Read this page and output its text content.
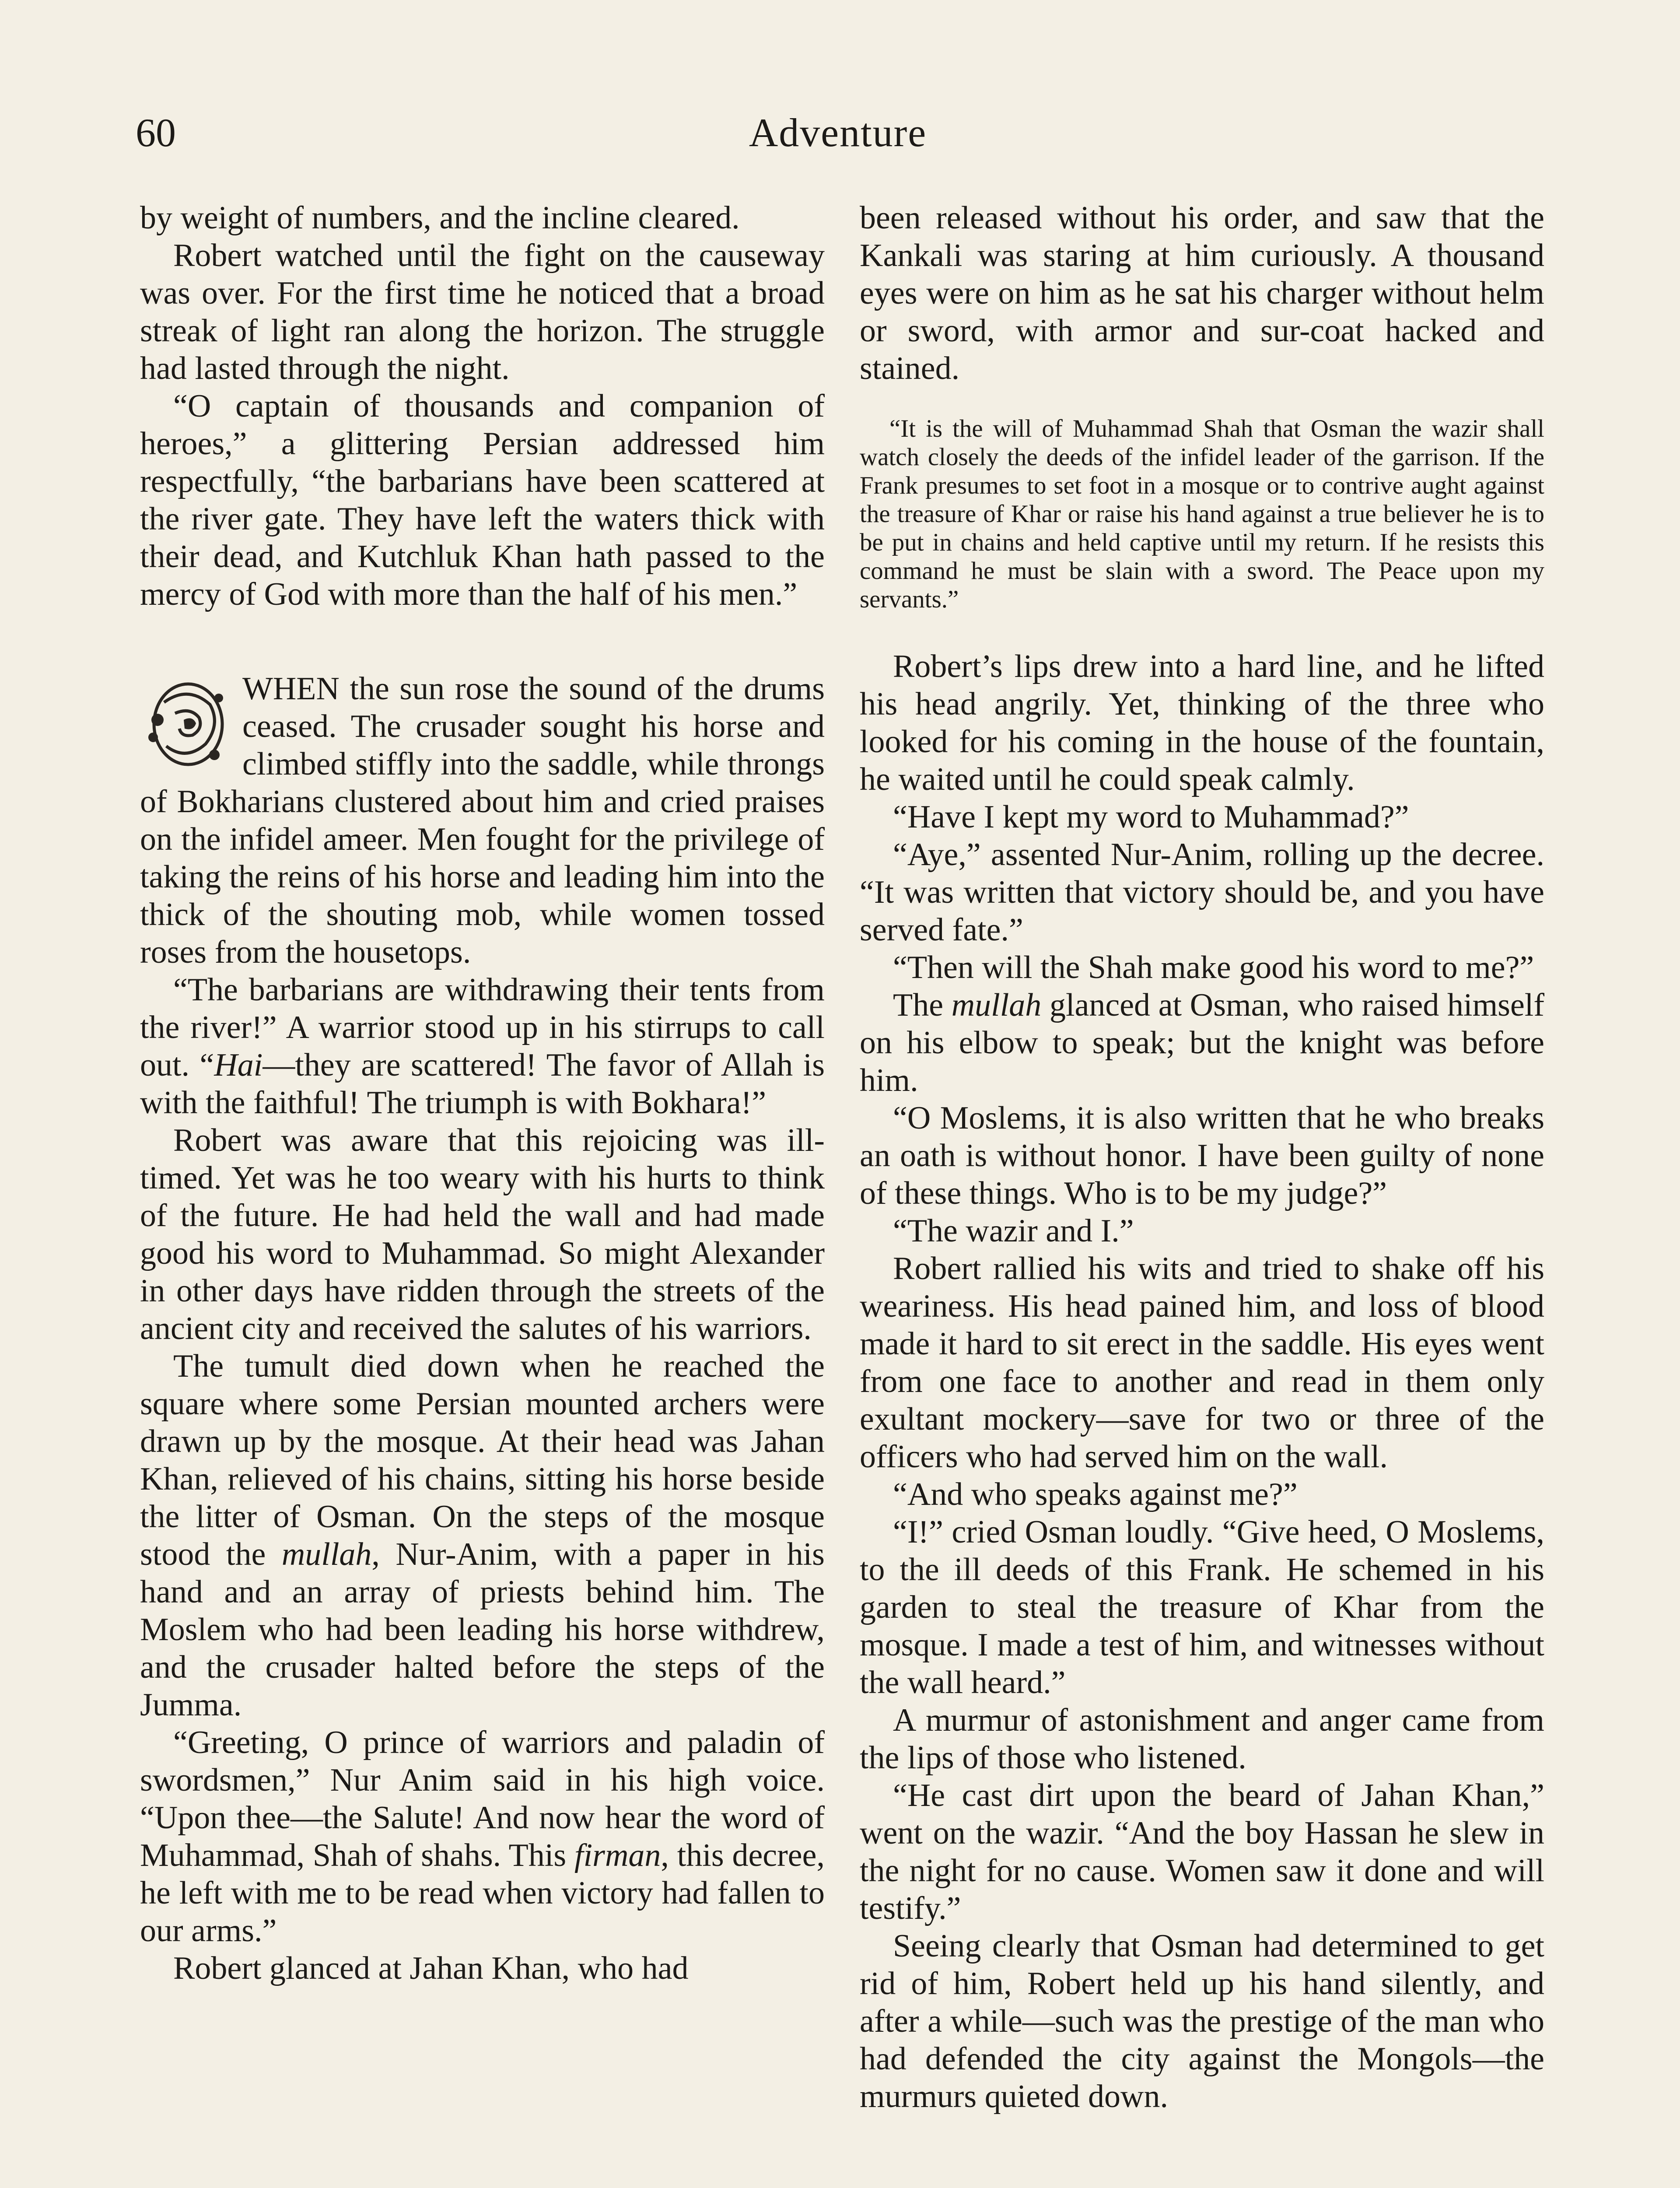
60	Adventure

by weight of numbers, and the incline cleared.

Robert watched until the fight on the causeway was over. For the first time he noticed that a broad streak of light ran along the horizon. The struggle had lasted through the night.

“O captain of thousands and companion of heroes,” a glittering Persian addressed him respectfully, “the barbarians have been scattered at the river gate. They have left the waters thick with their dead, and Kutchluk Khan hath passed to the mercy of God with more than the half of his men.”

WHEN the sun rose the sound of the drums ceased. The crusader sought his horse and climbed stiffly into the saddle, while throngs of Bokharians clustered about him and cried praises on the infidel ameer. Men fought for the privilege of taking the reins of his horse and leading him into the thick of the shouting mob, while women tossed roses from the housetops.

“The barbarians are withdrawing their tents from the river!” A warrior stood up in his stirrups to call out. “Hai—they are scattered! The favor of Allah is with the faithful! The triumph is with Bokhara!”

Robert was aware that this rejoicing was ill-timed. Yet was he too weary with his hurts to think of the future. He had held the wall and had made good his word to Muhammad. So might Alexander in other days have ridden through the streets of the ancient city and received the salutes of his warriors.

The tumult died down when he reached the square where some Persian mounted archers were drawn up by the mosque. At their head was Jahan Khan, relieved of his chains, sitting his horse beside the litter of Osman. On the steps of the mosque stood the mullah, Nur-Anim, with a paper in his hand and an array of priests behind him. The Moslem who had been leading his horse withdrew, and the crusader halted before the steps of the Jumma.

“Greeting, O prince of warriors and paladin of swordsmen,” Nur Anim said in his high voice. “Upon thee—the Salute! And now hear the word of Muhammad, Shah of shahs. This firman, this decree, he left with me to be read when victory had fallen to our arms.”

Robert glanced at Jahan Khan, who had

been released without his order, and saw that the Kankali was staring at him curiously. A thousand eyes were on him as he sat his charger without helm or sword, with armor and sur-coat hacked and stained.

“It is the will of Muhammad Shah that Osman the wazir shall watch closely the deeds of the infidel leader of the garrison. If the Frank presumes to set foot in a mosque or to contrive aught against the treasure of Khar or raise his hand against a true believer he is to be put in chains and held captive until my return. If he resists this command he must be slain with a sword. The Peace upon my servants.”

Robert’s lips drew into a hard line, and he lifted his head angrily. Yet, thinking of the three who looked for his coming in the house of the fountain, he waited until he could speak calmly.

“Have I kept my word to Muhammad?”

“Aye,” assented Nur-Anim, rolling up the decree. “It was written that victory should be, and you have served fate.”

“Then will the Shah make good his word to me?”

The mullah glanced at Osman, who raised himself on his elbow to speak; but the knight was before him.

“O Moslems, it is also written that he who breaks an oath is without honor. I have been guilty of none of these things. Who is to be my judge?”

“The wazir and I.”

Robert rallied his wits and tried to shake off his weariness. His head pained him, and loss of blood made it hard to sit erect in the saddle. His eyes went from one face to another and read in them only exultant mockery—save for two or three of the officers who had served him on the wall.

“And who speaks against me?”

“I!” cried Osman loudly. “Give heed, O Moslems, to the ill deeds of this Frank. He schemed in his garden to steal the treasure of Khar from the mosque. I made a test of him, and witnesses without the wall heard.”

A murmur of astonishment and anger came from the lips of those who listened.

“He cast dirt upon the beard of Jahan Khan,” went on the wazir. “And the boy Hassan he slew in the night for no cause. Women saw it done and will testify.”

Seeing clearly that Osman had determined to get rid of him, Robert held up his hand silently, and after a while—such was the prestige of the man who had defended the city against the Mongols—the murmurs quieted down.
